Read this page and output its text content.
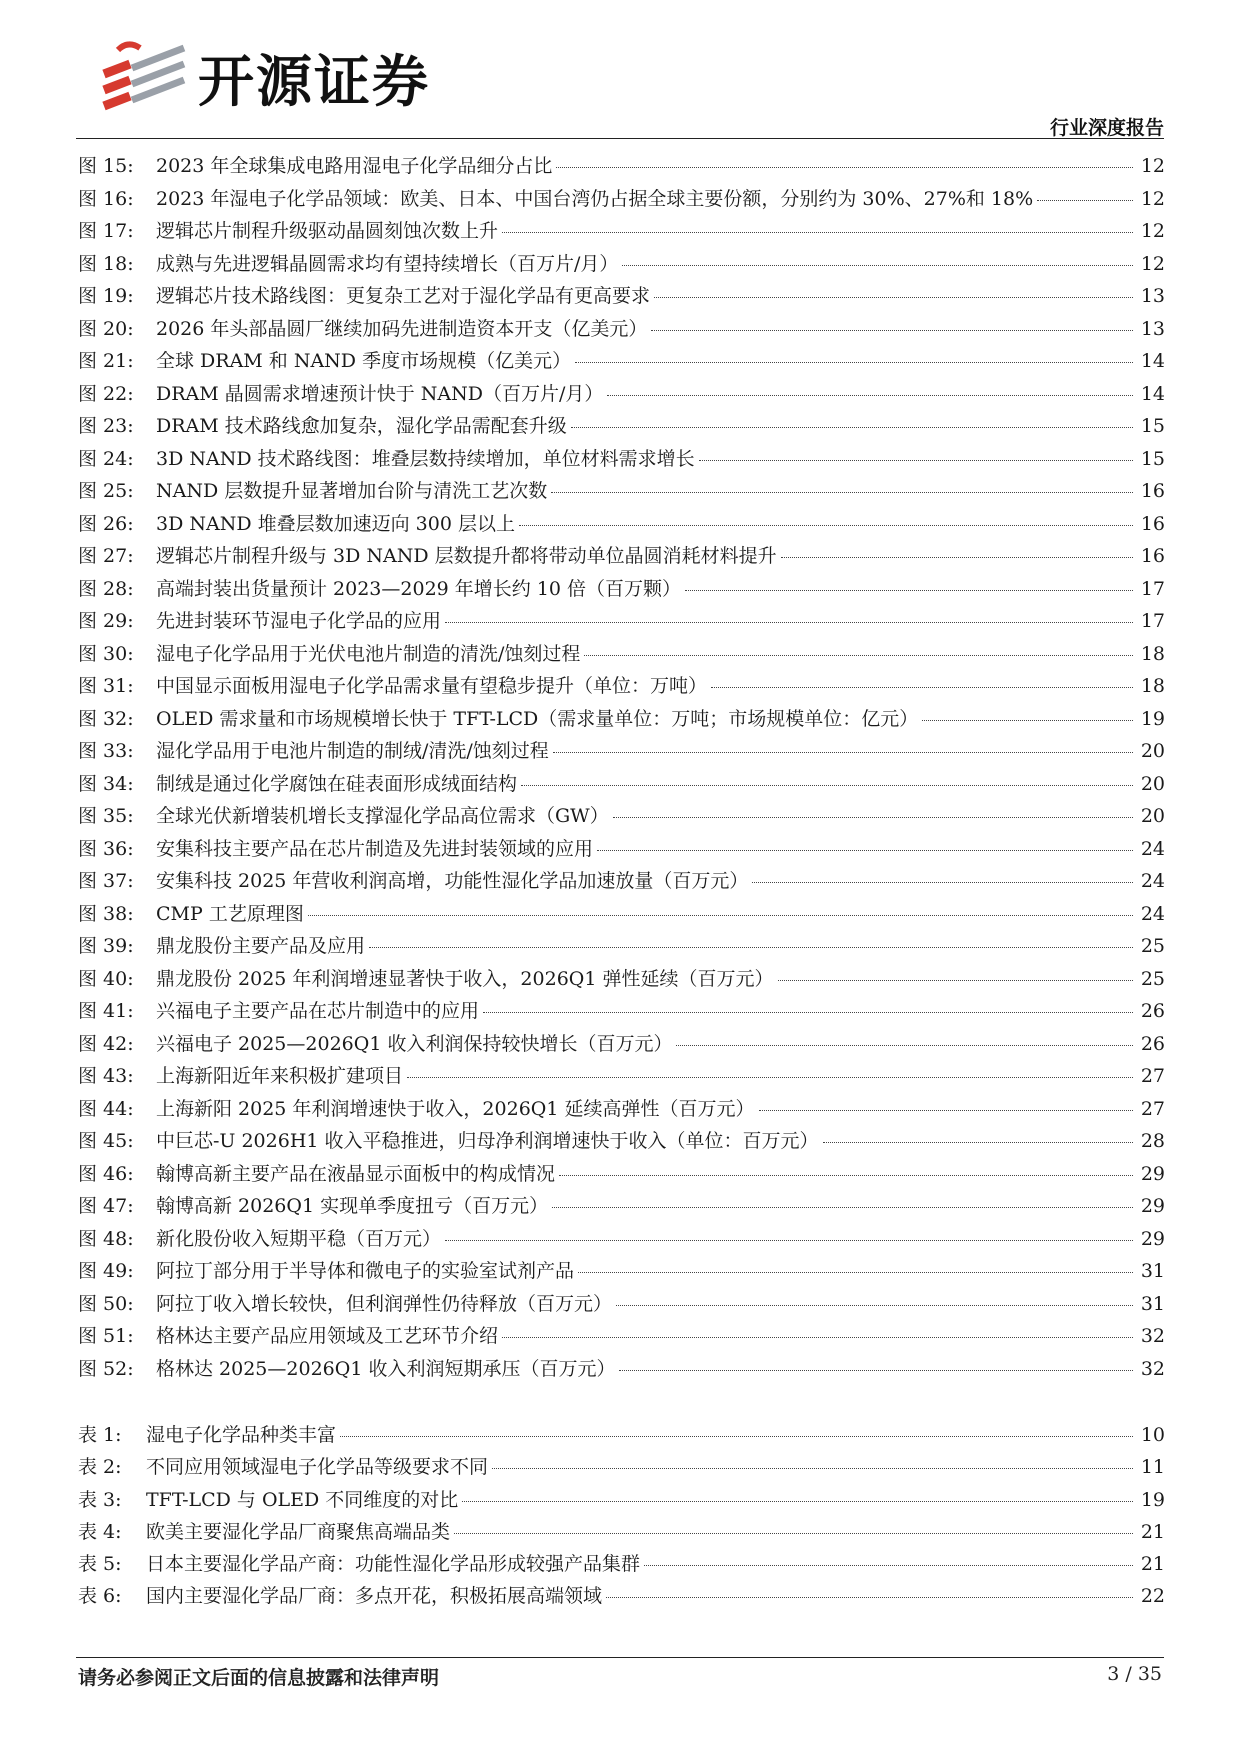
开源证券
行业深度报告
图 15:	2023 年全球集成电路用湿电子化学品细分占比	12
图 16:	2023 年湿电子化学品领域：欧美、日本、中国台湾仍占据全球主要份额，分别约为 30%、27%和 18%	12
图 17:	逻辑芯片制程升级驱动晶圆刻蚀次数上升	12
图 18:	成熟与先进逻辑晶圆需求均有望持续增长（百万片/月）	12
图 19:	逻辑芯片技术路线图：更复杂工艺对于湿化学品有更高要求	13
图 20:	2026 年头部晶圆厂继续加码先进制造资本开支（亿美元）	13
图 21:	全球 DRAM 和 NAND 季度市场规模（亿美元）	14
图 22:	DRAM 晶圆需求增速预计快于 NAND（百万片/月）	14
图 23:	DRAM 技术路线愈加复杂，湿化学品需配套升级	15
图 24:	3D NAND 技术路线图：堆叠层数持续增加，单位材料需求增长	15
图 25:	NAND 层数提升显著增加台阶与清洗工艺次数	16
图 26:	3D NAND 堆叠层数加速迈向 300 层以上	16
图 27:	逻辑芯片制程升级与 3D NAND 层数提升都将带动单位晶圆消耗材料提升	16
图 28:	高端封装出货量预计 2023—2029 年增长约 10 倍（百万颗）	17
图 29:	先进封装环节湿电子化学品的应用	17
图 30:	湿电子化学品用于光伏电池片制造的清洗/蚀刻过程	18
图 31:	中国显示面板用湿电子化学品需求量有望稳步提升（单位：万吨）	18
图 32:	OLED 需求量和市场规模增长快于 TFT-LCD（需求量单位：万吨；市场规模单位：亿元）	19
图 33:	湿化学品用于电池片制造的制绒/清洗/蚀刻过程	20
图 34:	制绒是通过化学腐蚀在硅表面形成绒面结构	20
图 35:	全球光伏新增装机增长支撑湿化学品高位需求（GW）	20
图 36:	安集科技主要产品在芯片制造及先进封装领域的应用	24
图 37:	安集科技 2025 年营收利润高增，功能性湿化学品加速放量（百万元）	24
图 38:	CMP 工艺原理图	24
图 39:	鼎龙股份主要产品及应用	25
图 40:	鼎龙股份 2025 年利润增速显著快于收入，2026Q1 弹性延续（百万元）	25
图 41:	兴福电子主要产品在芯片制造中的应用	26
图 42:	兴福电子 2025—2026Q1 收入利润保持较快增长（百万元）	26
图 43:	上海新阳近年来积极扩建项目	27
图 44:	上海新阳 2025 年利润增速快于收入，2026Q1 延续高弹性（百万元）	27
图 45:	中巨芯-U 2026H1 收入平稳推进，归母净利润增速快于收入（单位：百万元）	28
图 46:	翰博高新主要产品在液晶显示面板中的构成情况	29
图 47:	翰博高新 2026Q1 实现单季度扭亏（百万元）	29
图 48:	新化股份收入短期平稳（百万元）	29
图 49:	阿拉丁部分用于半导体和微电子的实验室试剂产品	31
图 50:	阿拉丁收入增长较快，但利润弹性仍待释放（百万元）	31
图 51:	格林达主要产品应用领域及工艺环节介绍	32
图 52:	格林达 2025—2026Q1 收入利润短期承压（百万元）	32
表 1:	湿电子化学品种类丰富	10
表 2:	不同应用领域湿电子化学品等级要求不同	11
表 3:	TFT-LCD 与 OLED 不同维度的对比	19
表 4:	欧美主要湿化学品厂商聚焦高端品类	21
表 5:	日本主要湿化学品产商：功能性湿化学品形成较强产品集群	21
表 6:	国内主要湿化学品厂商：多点开花，积极拓展高端领域	22
请务必参阅正文后面的信息披露和法律声明	3 / 35
